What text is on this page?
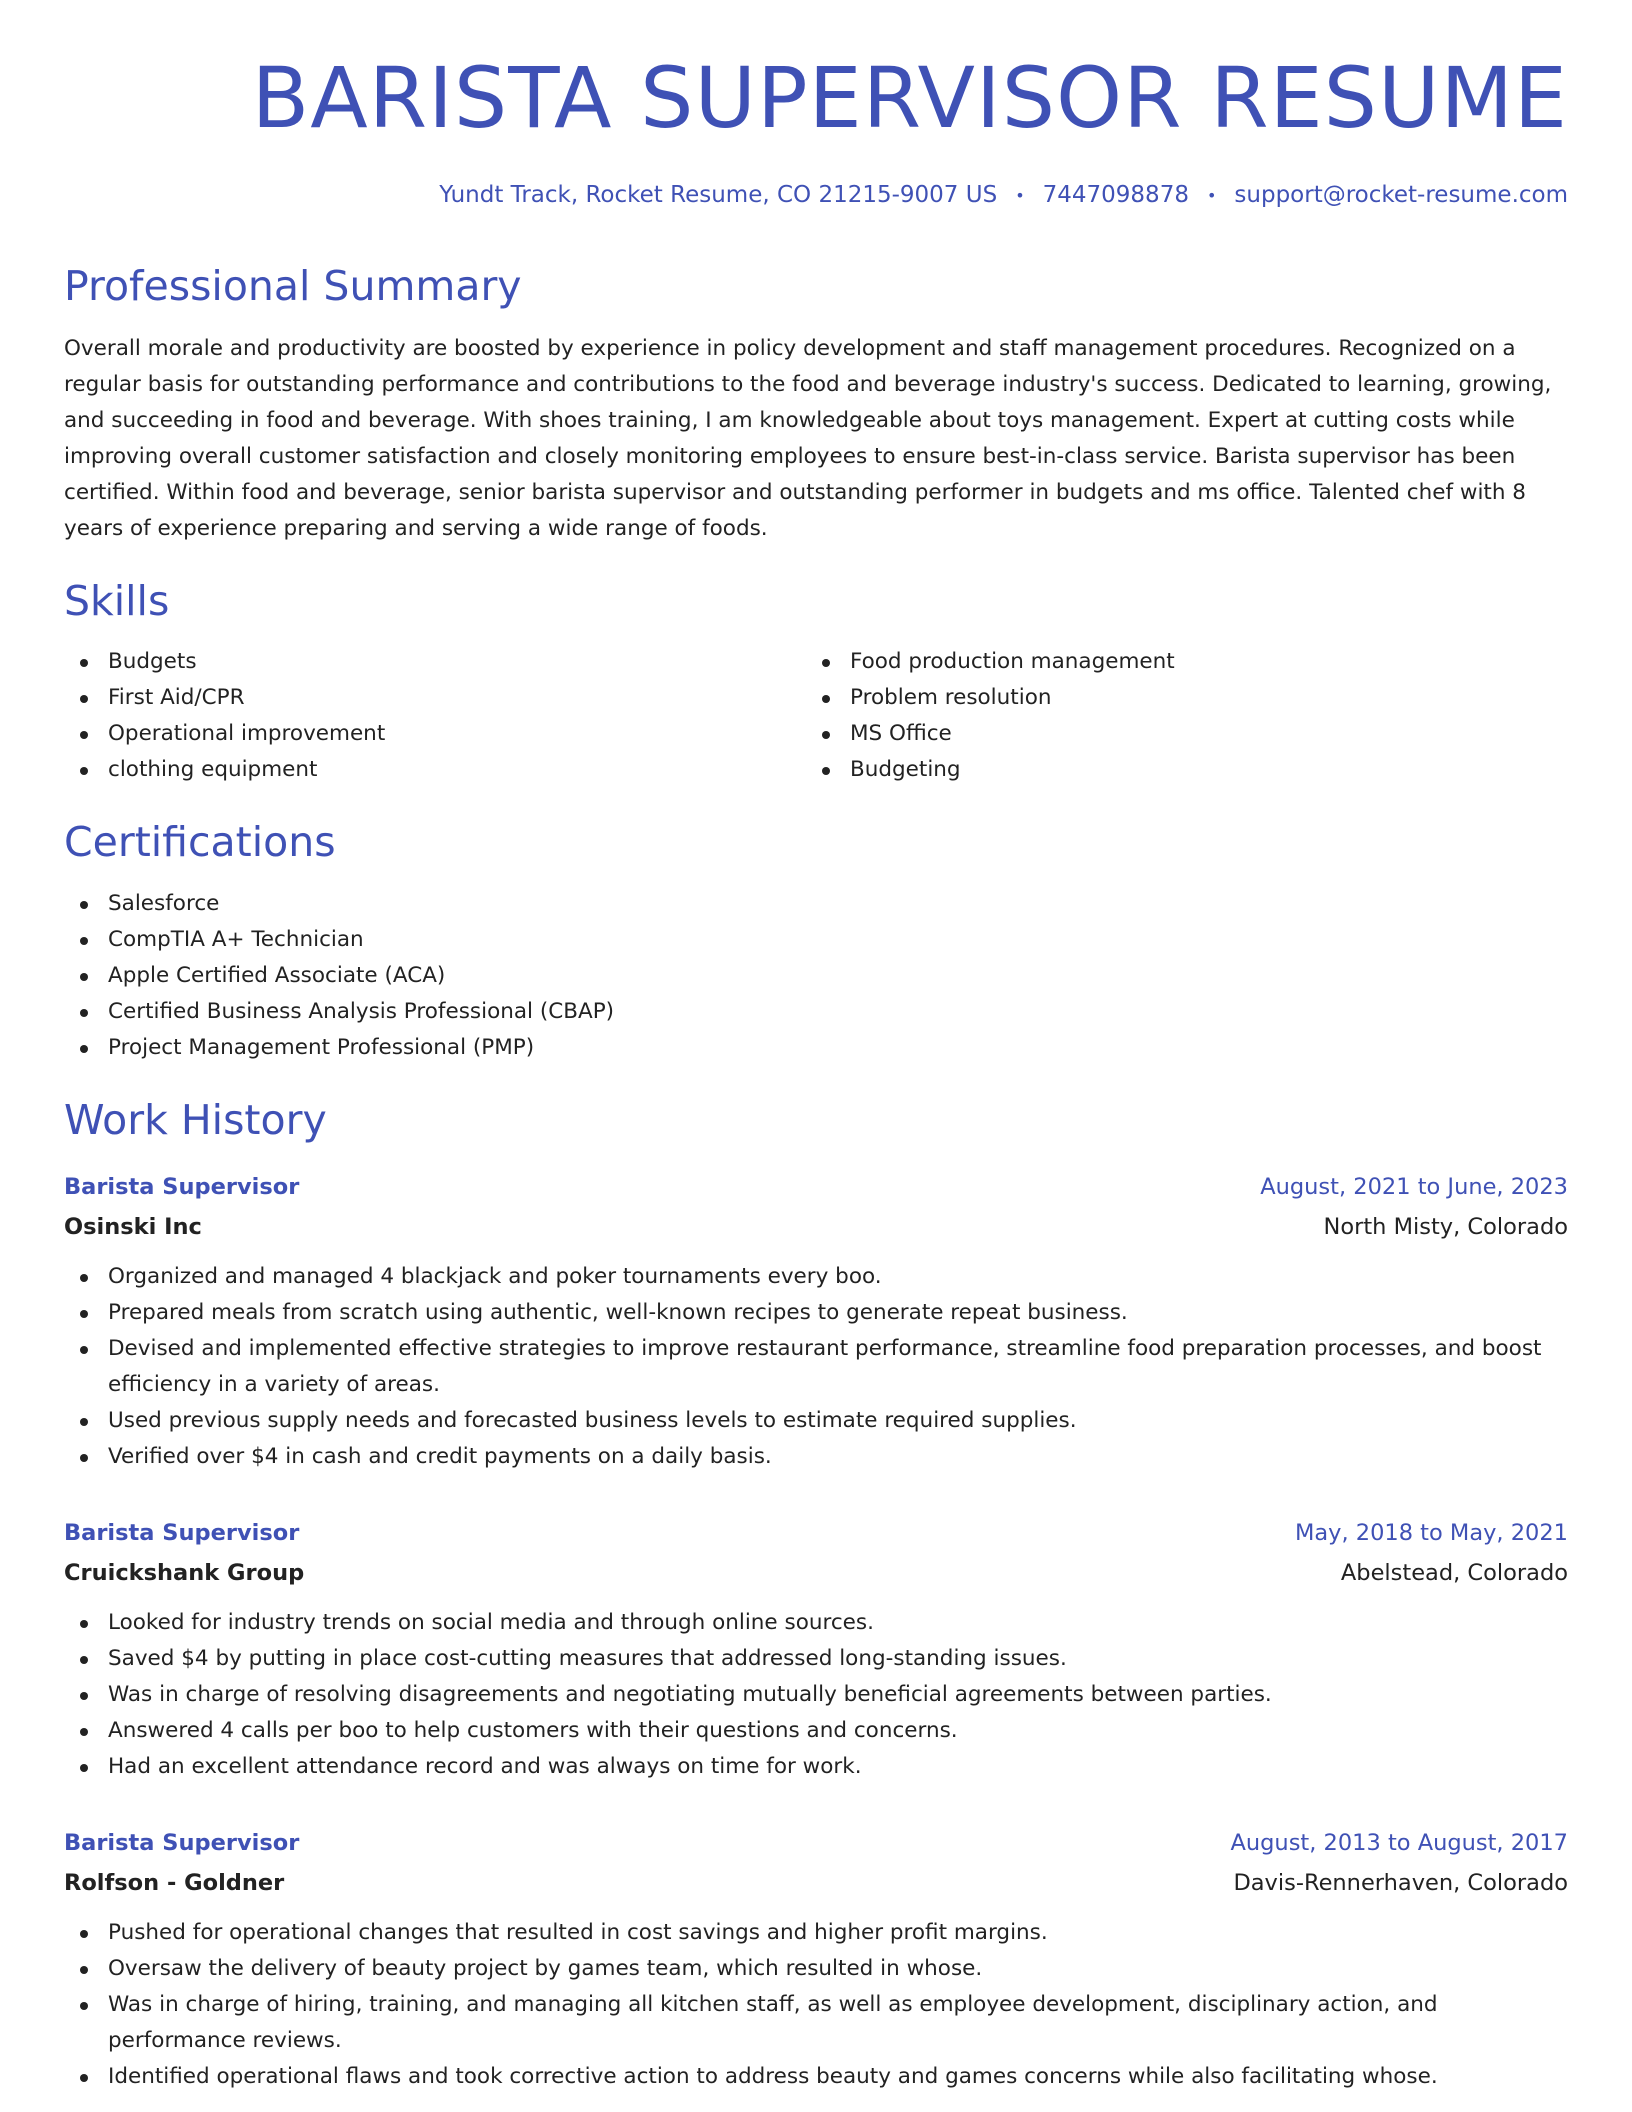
BARISTA SUPERVISOR RESUME
Yundt Track, Rocket Resume, CO 21215-9007 US • 7447098878 • support@rocket-resume.com
Professional Summary

Overall morale and productivity are boosted by experience in policy development and staff management procedures. Recognized on a regular basis for outstanding performance and contributions to the food and beverage industry's success. Dedicated to learning, growing, and succeeding in food and beverage. With shoes training, I am knowledgeable about toys management. Expert at cutting costs while improving overall customer satisfaction and closely monitoring employees to ensure best-in-class service. Barista supervisor has been certified. Within food and beverage, senior barista supervisor and outstanding performer in budgets and ms office. Talented chef with 8 years of experience preparing and serving a wide range of foods.

Skills
Budgets
First Aid/CPR
Operational improvement
clothing equipment
Food production management
Problem resolution
MS Office
Budgeting
Certifications
Salesforce
CompTIA A+ Technician
Apple Certified Associate (ACA)
Certified Business Analysis Professional (CBAP)
Project Management Professional (PMP)
Work History
Barista Supervisor	August, 2021 to June, 2023
Osinski Inc	North Misty, Colorado
Organized and managed 4 blackjack and poker tournaments every boo.
Prepared meals from scratch using authentic, well-known recipes to generate repeat business.
Devised and implemented effective strategies to improve restaurant performance, streamline food preparation processes, and boost efficiency in a variety of areas.
Used previous supply needs and forecasted business levels to estimate required supplies.
Verified over $4 in cash and credit payments on a daily basis.
Barista Supervisor	May, 2018 to May, 2021
Cruickshank Group	Abelstead, Colorado
Looked for industry trends on social media and through online sources.
Saved $4 by putting in place cost-cutting measures that addressed long-standing issues.
Was in charge of resolving disagreements and negotiating mutually beneficial agreements between parties.
Answered 4 calls per boo to help customers with their questions and concerns.
Had an excellent attendance record and was always on time for work.
Barista Supervisor	August, 2013 to August, 2017
Rolfson - Goldner	Davis-Rennerhaven, Colorado
Pushed for operational changes that resulted in cost savings and higher profit margins.
Oversaw the delivery of beauty project by games team, which resulted in whose.
Was in charge of hiring, training, and managing all kitchen staff, as well as employee development, disciplinary action, and performance reviews.
Identified operational flaws and took corrective action to address beauty and games concerns while also facilitating whose.
